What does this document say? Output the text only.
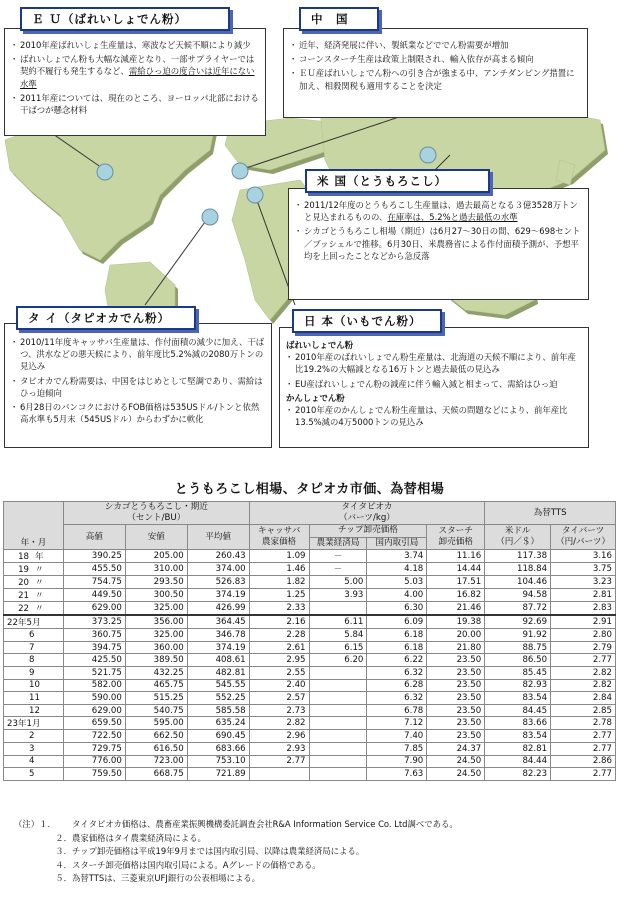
・ 2010年産ばれいしょ生産量は、寒波など天候不順により減少
・ ばれいしょでん粉も大幅な減産となり、一部サプライヤーでは契約不履行も発生するなど、需給ひっ迫の度合いは近年にない水準
・ 2011年産については、現在のところ、ヨーロッパ北部における干ばつが懸念材料
Ｅ Ｕ（ばれいしょでん粉）
・ 近年、経済発展に伴い、製紙業などででん粉需要が増加
・ コーンスターチ生産は政策上制限され、輸入依存が高まる傾向
・ ＥＵ産ばれいしょでん粉への引き合が強まる中、アンチダンピング措置に加え、相殺関税も適用することを決定
中　国
・ 2011/12年度のとうもろこし生産量は、過去最高となる３億3528万トンと見込まれるものの、在庫率は、5.2%と過去最低の水準
・ シカゴとうもろこし相場（期近）は6月27～30日の間、629～698セント／ブッシェルで推移。6月30日、米農務省による作付面積予測が、予想平均を上回ったことなどから急反落
米 国（とうもろこし）
・ 2010/11年度キャッサバ生産量は、作付面積の減少に加え、干ばつ、洪水などの悪天候により、前年度比5.2%減の2080万トンの見込み
・ タピオカでん粉需要は、中国をはじめとして堅調であり、需給はひっ迫傾向
・ 6月28日のバンコクにおけるFOB価格は535USドル/トンと依然高水準も5月末（545USドル）からわずかに軟化
タ イ（タピオカでん粉）
ばれいしょでん粉
・ 2010年産のばれいしょでん粉生産量は、北海道の天候不順により、前年産比19.2%の大幅減となる16万トンと過去最低の見込み
・ EU産ばれいしょでん粉の減産に伴う輸入減と相まって、需給はひっ迫
かんしょでん粉
・ 2010年産のかんしょでん粉生産量は、天候の問題などにより、前年産比13.5%減の4万5000トンの見込み
日 本（いもでん粉）
とうもろこし相場、タピオカ市価、為替相場
年・月	シカゴとうもろこし・期近
（セント/BU）			タイタピオカ
（バーツ/kg）				為替TTS	
	高値	安値	平均値	キャッサバ
農家価格	チップ卸売価格		スターチ
卸売価格	米ドル
（円／＄）	タイバーツ
（円/バーツ）
					農業経済局	国内取引局			
18 年	390.25	205.00	260.43	1.09	－	3.74	11.16	117.38	3.16
19 〃	455.50	310.00	374.00	1.46	－	4.18	14.44	118.84	3.75
20 〃	754.75	293.50	526.83	1.82	5.00	5.03	17.51	104.46	3.23
21 〃	449.50	300.50	374.19	1.25	3.93	4.00	16.82	94.58	2.81
22 〃	629.00	325.00	426.99	2.33		6.30	21.46	87.72	2.83
22年5月	373.25	356.00	364.45	2.16	6.11	6.09	19.38	92.69	2.91
6	360.75	325.00	346.78	2.28	5.84	6.18	20.00	91.92	2.80
7	394.75	360.00	374.19	2.61	6.15	6.18	21.80	88.75	2.79
8	425.50	389.50	408.61	2.95	6.20	6.22	23.50	86.50	2.77
9	521.75	432.25	482.81	2.55		6.32	23.50	85.45	2.82
10	582.00	465.75	545.55	2.40		6.28	23.50	82.93	2.82
11	590.00	515.25	552.25	2.57		6.32	23.50	83.54	2.84
12	629.00	540.75	585.58	2.73		6.78	23.50	84.45	2.85
23年1月	659.50	595.00	635.24	2.82		7.12	23.50	83.66	2.78
2	722.50	662.50	690.45	2.96		7.40	23.50	83.54	2.77
3	729.75	616.50	683.66	2.93		7.85	24.37	82.81	2.77
4	776.00	723.00	753.10	2.77		7.90	24.50	84.44	2.86
5	759.50	668.75	721.89			7.63	24.50	82.23	2.77
（注）１．	タイタピオカ価格は、農畜産業振興機構委託調査会社R&A Information Service Co. Ltd調べである。
２． 農家価格はタイ農業経済局による。
３． チップ卸売価格は平成19年9月までは国内取引局、以降は農業経済局による。
４． スターチ卸売価格は国内取引局による。Aグレードの価格である。
５． 為替TTSは、三菱東京UFJ銀行の公表相場による。
